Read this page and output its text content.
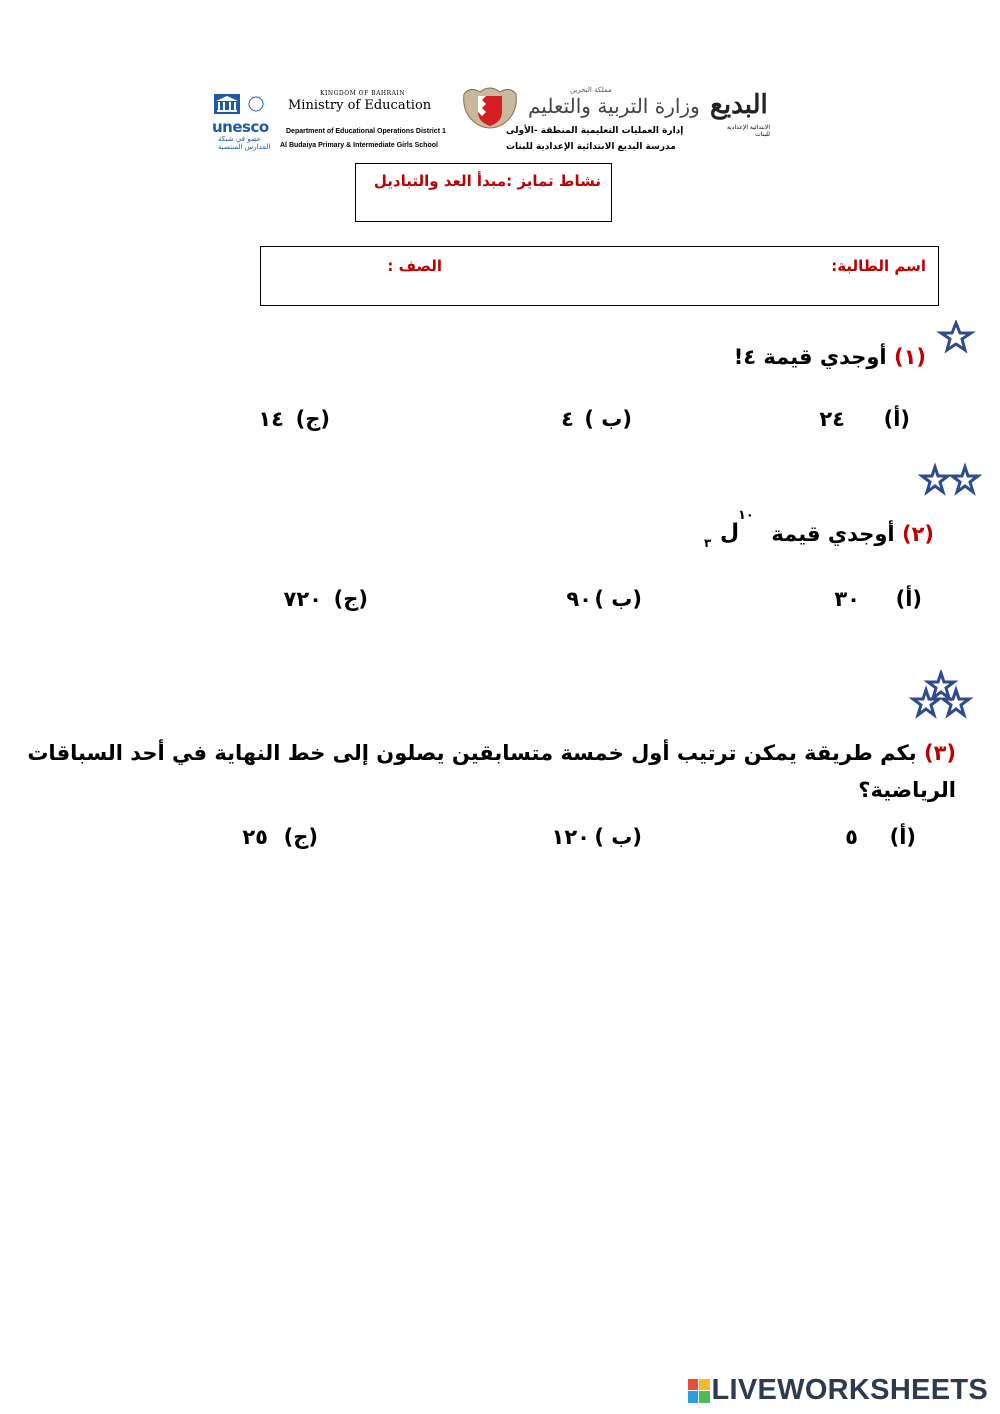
unesco
عضو في شبكة المدارس المنتسبة
KINGDOM OF BAHRAIN
Ministry of Education
Department of Educational Operations District 1
Al Budaiya Primary & Intermediate Girls School
مملكة البحرين
وزارة التربية والتعليم
إدارة العمليات التعليمية المنطقة -الأولى
مدرسة البديع الابتدائية الإعدادية للبنات
البديع
الابتدائية الإعدادية للبنات
نشاط تمايز :مبدأ العد والتباديل
اسم الطالبة:
الصف :
(١) أوجدي قيمة ٤!
(أ)
٢٤
(ب )
٤
(ج)
١٤
(٢) أوجدي قيمة
١٠
ل
٣
(أ)
٣٠
(ب )
٩٠
(ج)
٧٢٠
(٣) بكم طريقة يمكن ترتيب أول خمسة متسابقين يصلون إلى خط النهاية في أحد السباقات
الرياضية؟
(أ)
٥
(ب )
١٢٠
(ج)
٢٥
LIVEWORKSHEETS
